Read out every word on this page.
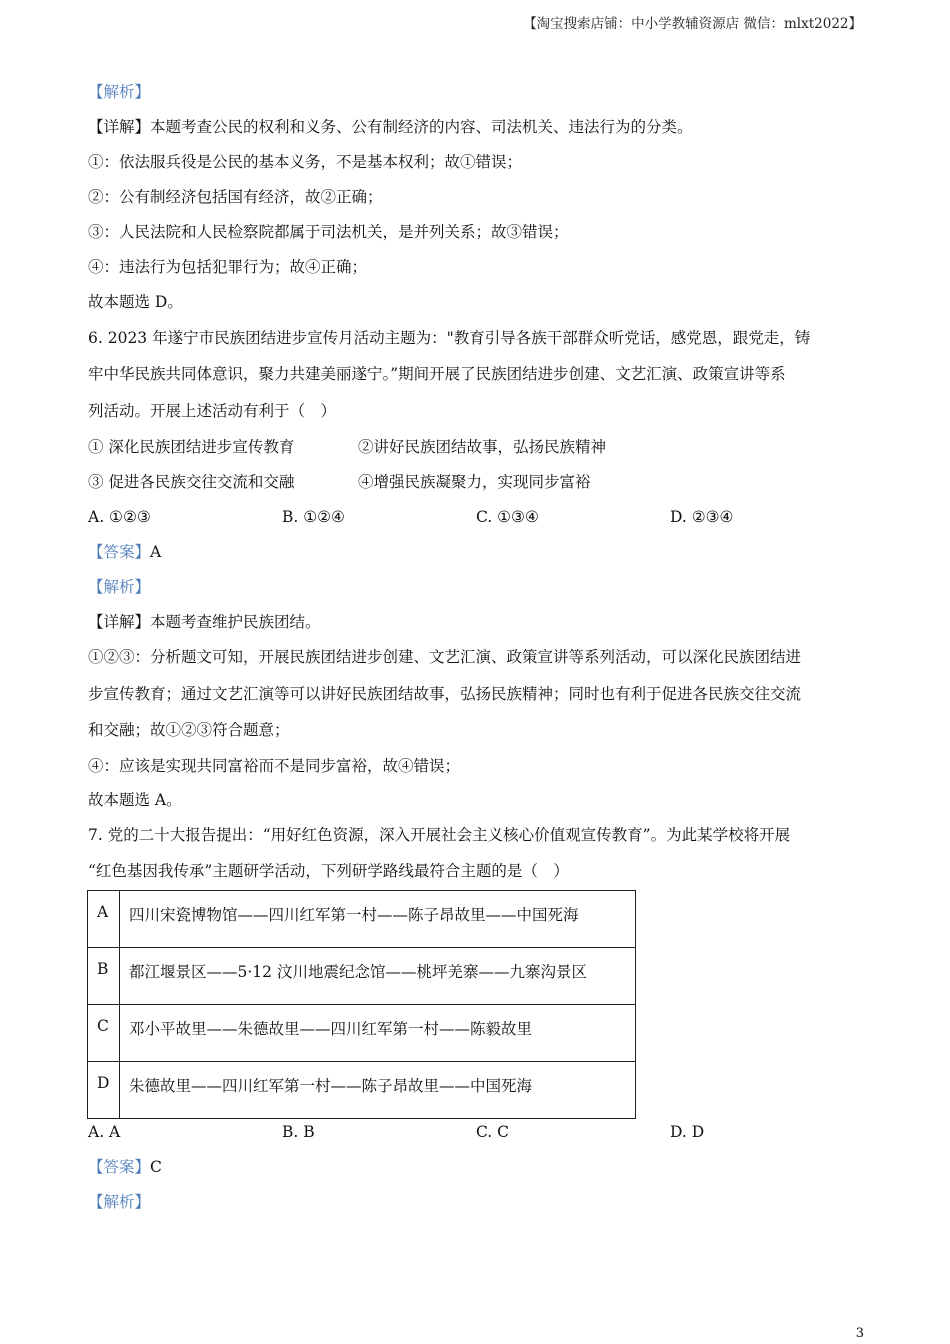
【淘宝搜索店铺：中小学教辅资源店 微信：mlxt2022】
【解析】
【详解】本题考查公民的权利和义务、公有制经济的内容、司法机关、违法行为的分类。
①：依法服兵役是公民的基本义务，不是基本权利；故①错误；
②：公有制经济包括国有经济，故②正确；
③：人民法院和人民检察院都属于司法机关，是并列关系；故③错误；
④：违法行为包括犯罪行为；故④正确；
故本题选 D。
6. 2023 年遂宁市民族团结进步宣传月活动主题为："教育引导各族干部群众听党话，感党恩，跟党走，铸
牢中华民族共同体意识，聚力共建美丽遂宁。”期间开展了民族团结进步创建、文艺汇演、政策宣讲等系
列活动。开展上述活动有利于（　）
① 深化民族团结进步宣传教育	②讲好民族团结故事，弘扬民族精神
③ 促进各民族交往交流和交融	④增强民族凝聚力，实现同步富裕
A. ①②③	B. ①②④	C. ①③④	D. ②③④
【答案】A
【解析】
【详解】本题考查维护民族团结。
①②③：分析题文可知，开展民族团结进步创建、文艺汇演、政策宣讲等系列活动，可以深化民族团结进
步宣传教育；通过文艺汇演等可以讲好民族团结故事，弘扬民族精神；同时也有利于促进各民族交往交流
和交融；故①②③符合题意；
④：应该是实现共同富裕而不是同步富裕，故④错误；
故本题选 A。
7. 党的二十大报告提出：“用好红色资源，深入开展社会主义核心价值观宣传教育”。为此某学校将开展
“红色基因我传承”主题研学活动，下列研学路线最符合主题的是（　）
A	四川宋瓷博物馆——四川红军第一村——陈子昂故里——中国死海
B	都江堰景区——5·12 汶川地震纪念馆——桃坪羌寨——九寨沟景区
C	邓小平故里——朱德故里——四川红军第一村——陈毅故里
D	朱德故里——四川红军第一村——陈子昂故里——中国死海
A. A	B. B	C. C	D. D
【答案】C
【解析】
3
